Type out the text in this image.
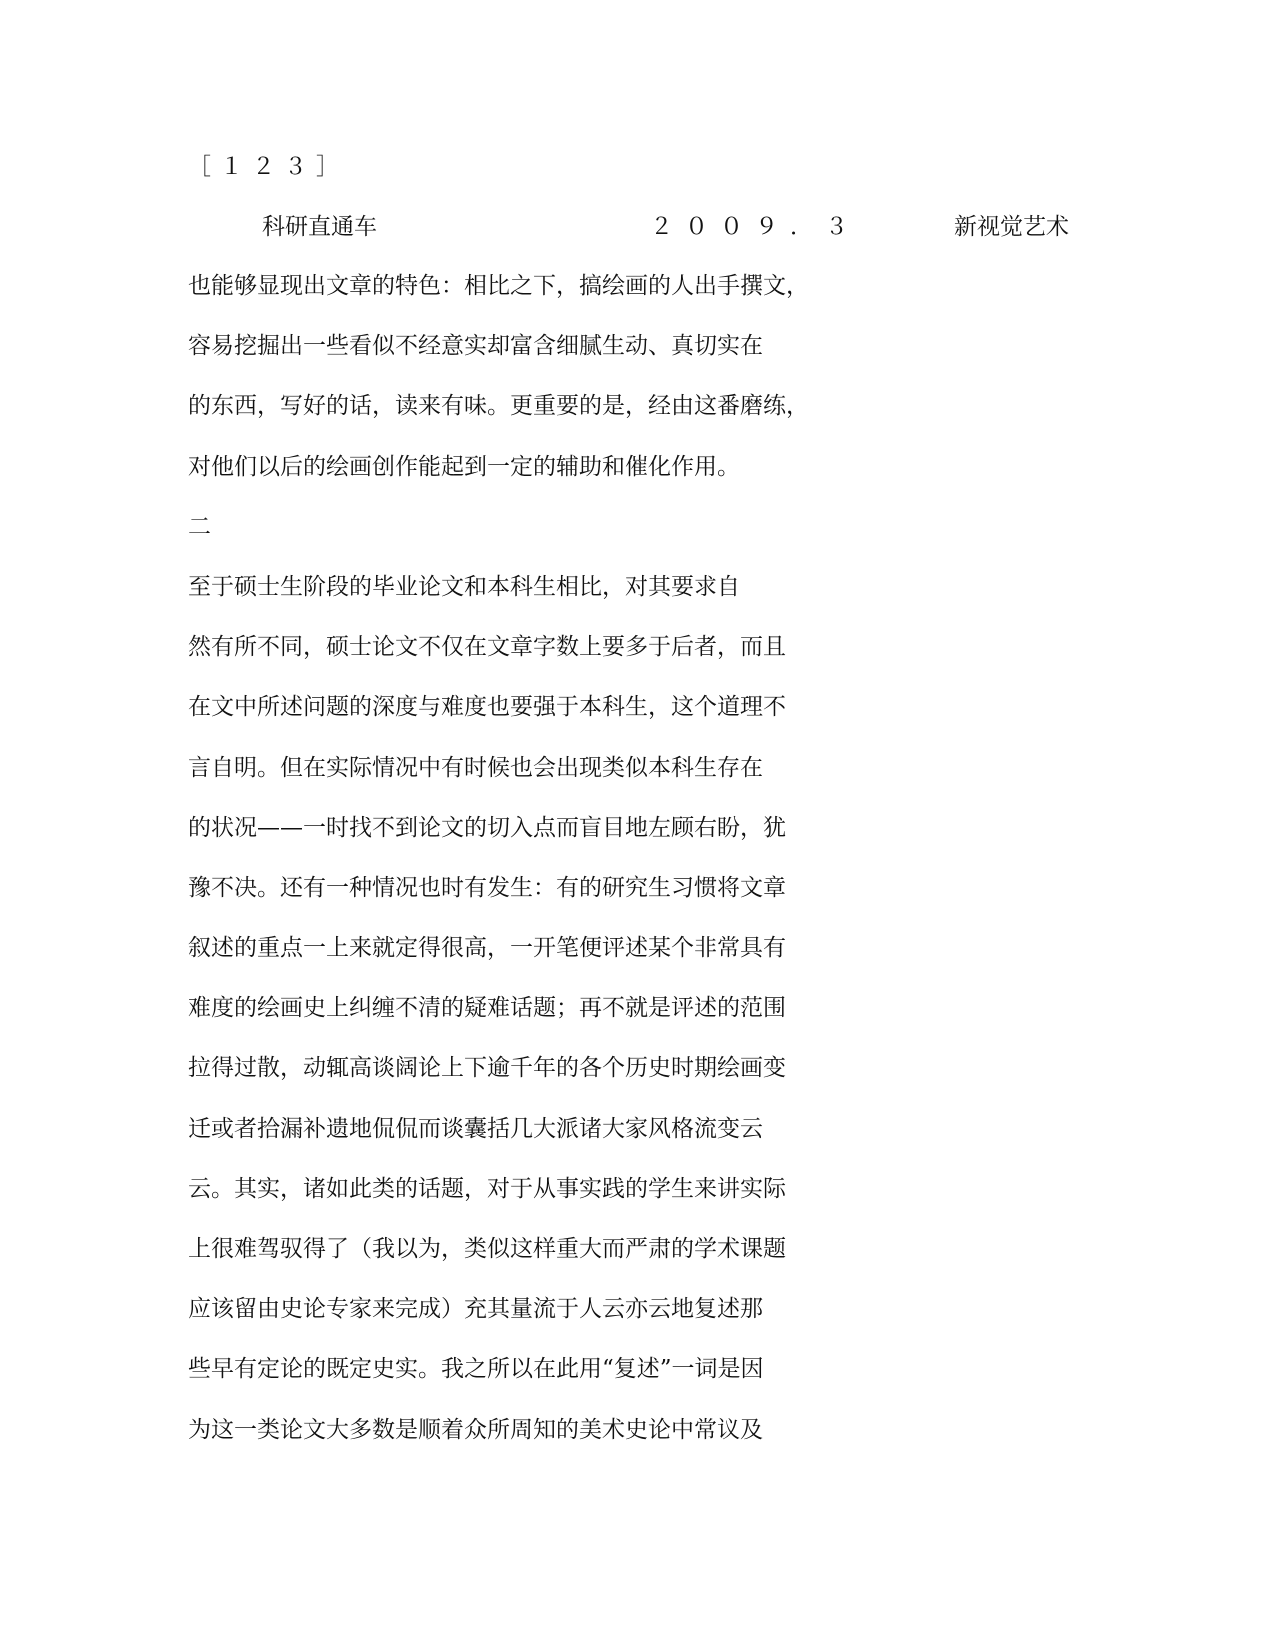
［１２３］
科研直通车	２００９．３	新视觉艺术
也能够显现出文章的特色：相比之下，搞绘画的人出手撰文，
容易挖掘出一些看似不经意实却富含细腻生动、真切实在
的东西，写好的话，读来有味。更重要的是，经由这番磨练，
对他们以后的绘画创作能起到一定的辅助和催化作用。
二
至于硕士生阶段的毕业论文和本科生相比，对其要求自
然有所不同，硕士论文不仅在文章字数上要多于后者，而且
在文中所述问题的深度与难度也要强于本科生，这个道理不
言自明。但在实际情况中有时候也会出现类似本科生存在
的状况——一时找不到论文的切入点而盲目地左顾右盼，犹
豫不决。还有一种情况也时有发生：有的研究生习惯将文章
叙述的重点一上来就定得很高，一开笔便评述某个非常具有
难度的绘画史上纠缠不清的疑难话题；再不就是评述的范围
拉得过散，动辄高谈阔论上下逾千年的各个历史时期绘画变
迁或者拾漏补遗地侃侃而谈囊括几大派诸大家风格流变云
云。其实，诸如此类的话题，对于从事实践的学生来讲实际
上很难驾驭得了（我以为，类似这样重大而严肃的学术课题
应该留由史论专家来完成）充其量流于人云亦云地复述那
些早有定论的既定史实。我之所以在此用“复述”一词是因
为这一类论文大多数是顺着众所周知的美术史论中常议及
